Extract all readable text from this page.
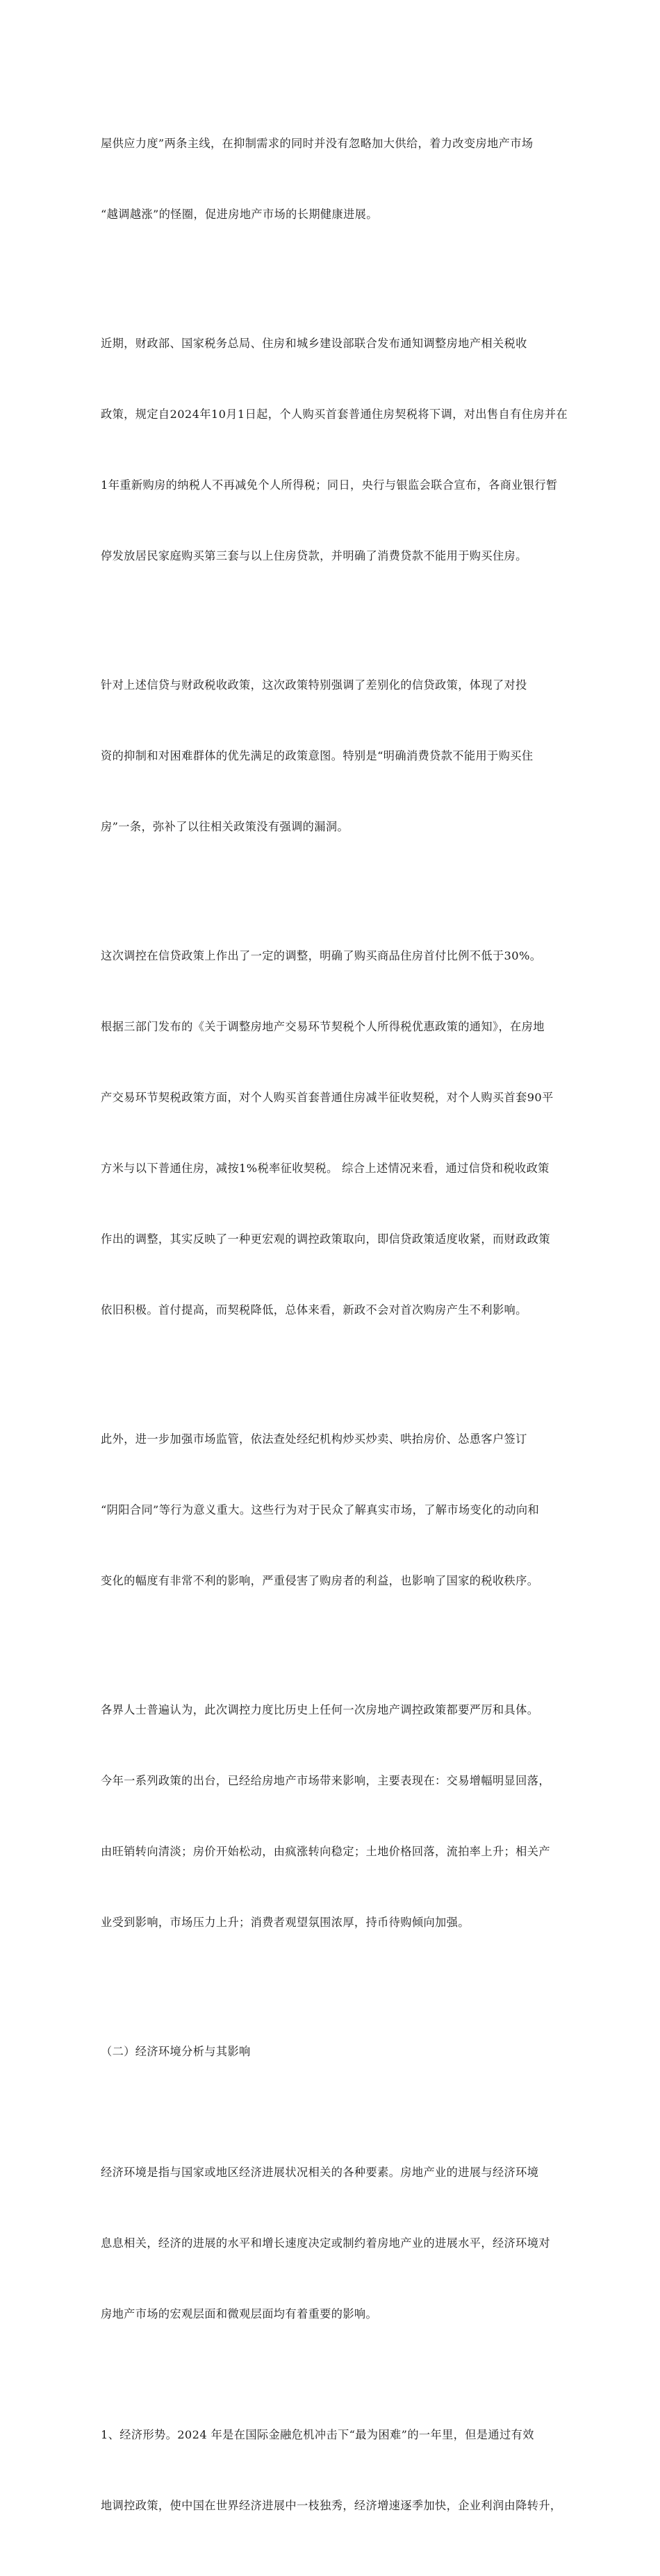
屋供应力度”两条主线，在抑制需求的同时并没有忽略加大供给，着力改变房地产市场

“越调越涨”的怪圈，促进房地产市场的长期健康进展。

近期，财政部、国家税务总局、住房和城乡建设部联合发布通知调整房地产相关税收

政策，规定自2024年10月1日起，个人购买首套普通住房契税将下调，对出售自有住房并在

1年重新购房的纳税人不再减免个人所得税；同日，央行与银监会联合宣布，各商业银行暂

停发放居民家庭购买第三套与以上住房贷款，并明确了消费贷款不能用于购买住房。

针对上述信贷与财政税收政策，这次政策特别强调了差别化的信贷政策，体现了对投

资的抑制和对困难群体的优先满足的政策意图。特别是“明确消费贷款不能用于购买住

房”一条，弥补了以往相关政策没有强调的漏洞。

这次调控在信贷政策上作出了一定的调整，明确了购买商品住房首付比例不低于30%。

根据三部门发布的《关于调整房地产交易环节契税个人所得税优惠政策的通知》，在房地

产交易环节契税政策方面，对个人购买首套普通住房减半征收契税，对个人购买首套90平

方米与以下普通住房，减按1%税率征收契税。 综合上述情况来看，通过信贷和税收政策

作出的调整，其实反映了一种更宏观的调控政策取向，即信贷政策适度收紧，而财政政策

依旧积极。首付提高，而契税降低，总体来看，新政不会对首次购房产生不利影响。

此外，进一步加强市场监管，依法查处经纪机构炒买炒卖、哄抬房价、怂恿客户签订

“阴阳合同”等行为意义重大。这些行为对于民众了解真实市场，了解市场变化的动向和

变化的幅度有非常不利的影响，严重侵害了购房者的利益，也影响了国家的税收秩序。

各界人士普遍认为，此次调控力度比历史上任何一次房地产调控政策都要严厉和具体。

今年一系列政策的出台，已经给房地产市场带来影响，主要表现在：交易增幅明显回落，

由旺销转向清淡；房价开始松动，由疯涨转向稳定；土地价格回落，流拍率上升；相关产

业受到影响，市场压力上升；消费者观望氛围浓厚，持币待购倾向加强。

（二）经济环境分析与其影响

经济环境是指与国家或地区经济进展状况相关的各种要素。房地产业的进展与经济环境

息息相关，经济的进展的水平和增长速度决定或制约着房地产业的进展水平，经济环境对

房地产市场的宏观层面和微观层面均有着重要的影响。

1、经济形势。2024 年是在国际金融危机冲击下“最为困难”的一年里，但是通过有效

地调控政策，使中国在世界经济进展中一枝独秀，经济增速逐季加快，企业利润由降转升，
